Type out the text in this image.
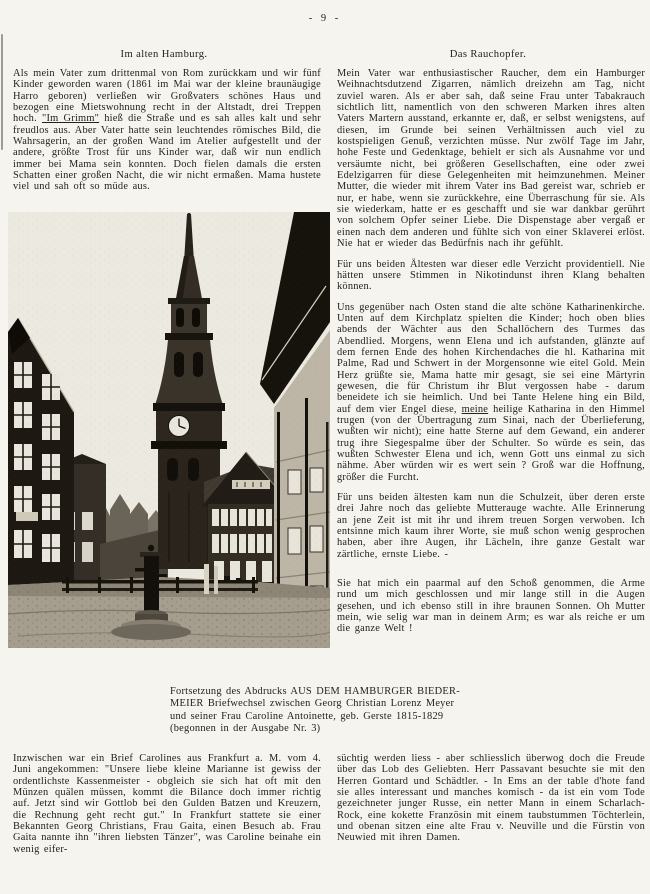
- 9 -
Im alten Hamburg.	Das Rauchopfer.

Als mein Vater zum drittenmal von Rom zurückkam und wir fünf Kinder geworden waren (1861 im Mai war der kleine braunäugige Harro geboren) verließen wir Großvaters schönes Haus und bezogen eine Mietswohnung recht in der Altstadt, drei Treppen hoch. "Im Grimm" hieß die Straße und es sah alles kalt und sehr freudlos aus. Aber Vater hatte sein leuchtendes römisches Bild, die Wahrsagerin, an der großen Wand im Atelier aufgestellt und der andere, größte Trost für uns Kinder war, daß wir nun endlich immer bei Mama sein konnten. Doch fielen damals die ersten Schatten einer großen Nacht, die wir nicht ermaßen. Mama hustete viel und sah oft so müde aus.

Mein Vater war enthusiastischer Raucher, dem ein Hamburger Weihnachtsdutzend Zigarren, nämlich dreizehn am Tag, nicht zuviel waren. Als er aber sah, daß seine Frau unter Tabakrauch sichtlich litt, namentlich von den schweren Marken ihres alten Vaters Martern ausstand, erkannte er, daß, er selbst wenigstens, auf diesen, im Grunde bei seinen Verhältnissen auch viel zu kostspieligen Genuß, verzichten müsse. Nur zwölf Tage im Jahr, hohe Feste und Gedenktage, behielt er sich als Ausnahme vor und versäumte nicht, bei größeren Gesellschaften, eine oder zwei Edelzigarren für diese Gelegenheiten mit heimzunehmen. Meiner Mutter, die wieder mit ihrem Vater ins Bad gereist war, schrieb er nur, er habe, wenn sie zurückkehre, eine Überraschung für sie. Als sie wiederkam, hatte er es geschafft und sie war dankbar gerührt von solchem Opfer seiner Liebe. Die Dispenstage aber vergaß er einen nach dem anderen und fühlte sich von einer Sklaverei erlöst. Nie hat er wieder das Bedürfnis nach ihr gefühlt.

Für uns beiden Ältesten war dieser edle Verzicht providentiell. Nie hätten unsere Stimmen in Nikotindunst ihren Klang behalten können.

Uns gegenüber nach Osten stand die alte schöne Katharinenkirche. Unten auf dem Kirchplatz spielten die Kinder; hoch oben blies abends der Wächter aus den Schallöchern des Turmes das Abendlied. Morgens, wenn Elena und ich aufstanden, glänzte auf dem fernen Ende des hohen Kirchendaches die hl. Katharina mit Palme, Rad und Schwert in der Morgensonne wie eitel Gold. Mein Herz grüßte sie, Mama hatte mir gesagt, sie sei eine Märtyrin gewesen, die für Christum ihr Blut vergossen habe - darum beneidete ich sie heimlich. Und bei Tante Helene hing ein Bild, auf dem vier Engel diese, meine heilige Katharina in den Himmel trugen (von der Übertragung zum Sinai, nach der Überlieferung, wußten wir nicht); eine hatte Sterne auf dem Gewand, ein anderer trug ihre Siegespalme über der Schulter. So würde es sein, das wußten Schwester Elena und ich, wenn Gott uns einmal zu sich nähme. Aber würden wir es wert sein ? Groß war die Hoffnung, größer die Furcht.

Für uns beiden ältesten kam nun die Schulzeit, über deren erste drei Jahre noch das geliebte Mutterauge wachte. Alle Erinnerung an jene Zeit ist mit ihr und ihrem treuen Sorgen verwoben. Ich entsinne mich kaum ihrer Worte, sie muß schon wenig gesprochen haben, aber ihre Augen, ihr Lächeln, ihre ganze Gestalt war zärtliche, ernste Liebe. -

Sie hat mich ein paarmal auf den Schoß genommen, die Arme rund um mich geschlossen und mir lange still in die Augen gesehen, und ich ebenso still in ihre braunen Sonnen. Oh Mutter mein, wie selig war man in deinem Arm; es war als reiche er um die ganze Welt !

Fortsetzung des Abdrucks AUS DEM HAMBURGER BIEDER-
MEIER Briefwechsel zwischen Georg Christian Lorenz Meyer
und seiner Frau Caroline Antoinette, geb. Gerste 1815-1829
(begonnen in der Ausgabe Nr. 3)

Inzwischen war ein Brief Carolines aus Frankfurt a. M. vom 4. Juni angekommen: "Unsere liebe kleine Marianne ist gewiss der ordentlichste Kassenmeister - obgleich sie sich hat oft mit den Münzen quälen müssen, kommt die Bilance doch immer richtig auf. Jetzt sind wir Gottlob bei den Gulden Batzen und Kreuzern, die Rechnung geht recht gut." In Frankfurt stattete sie einer Bekannten Georg Christians, Frau Gaita, einen Besuch ab. Frau Gaita nannte ihn "ihren liebsten Tänzer", was Caroline beinahe ein wenig eifer-

süchtig werden liess - aber schliesslich überwog doch die Freude über das Lob des Geliebten. Herr Passavant besuchte sie mit den Herren Gontard und Schädtler. - In Ems an der table d'hote fand sie alles interessant und manches komisch - da ist ein vom Tode gezeichneter junger Russe, ein netter Mann in einem Scharlach-Rock, eine kokette Französin mit einem taubstummen Töchterlein, und obenan sitzen eine alte Frau v. Neuville und die Fürstin von Neuwied mit ihren Damen.
